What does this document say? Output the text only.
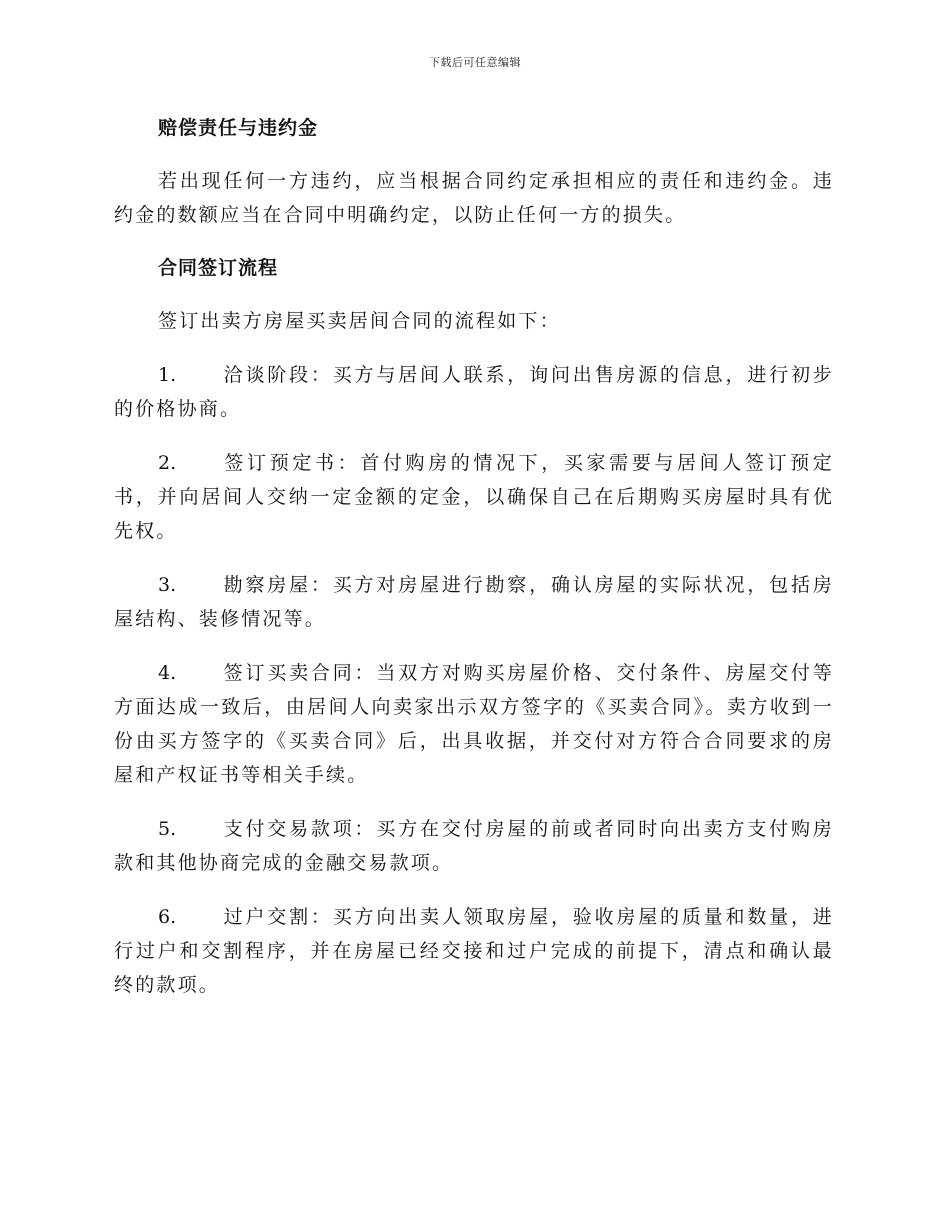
下载后可任意编辑
赔偿责任与违约金

若出现任何一方违约，应当根据合同约定承担相应的责任和违约金。违约金的数额应当在合同中明确约定，以防止任何一方的损失。

合同签订流程

签订出卖方房屋买卖居间合同的流程如下：

1. 洽谈阶段：买方与居间人联系，询问出售房源的信息，进行初步的价格协商。

2. 签订预定书：首付购房的情况下，买家需要与居间人签订预定书，并向居间人交纳一定金额的定金，以确保自己在后期购买房屋时具有优先权。

3. 勘察房屋：买方对房屋进行勘察，确认房屋的实际状况，包括房屋结构、装修情况等。

4. 签订买卖合同：当双方对购买房屋价格、交付条件、房屋交付等方面达成一致后，由居间人向卖家出示双方签字的《买卖合同》。卖方收到一份由买方签字的《买卖合同》后，出具收据，并交付对方符合合同要求的房屋和产权证书等相关手续。

5. 支付交易款项：买方在交付房屋的前或者同时向出卖方支付购房款和其他协商完成的金融交易款项。

6. 过户交割：买方向出卖人领取房屋，验收房屋的质量和数量，进行过户和交割程序，并在房屋已经交接和过户完成的前提下，清点和确认最终的款项。
